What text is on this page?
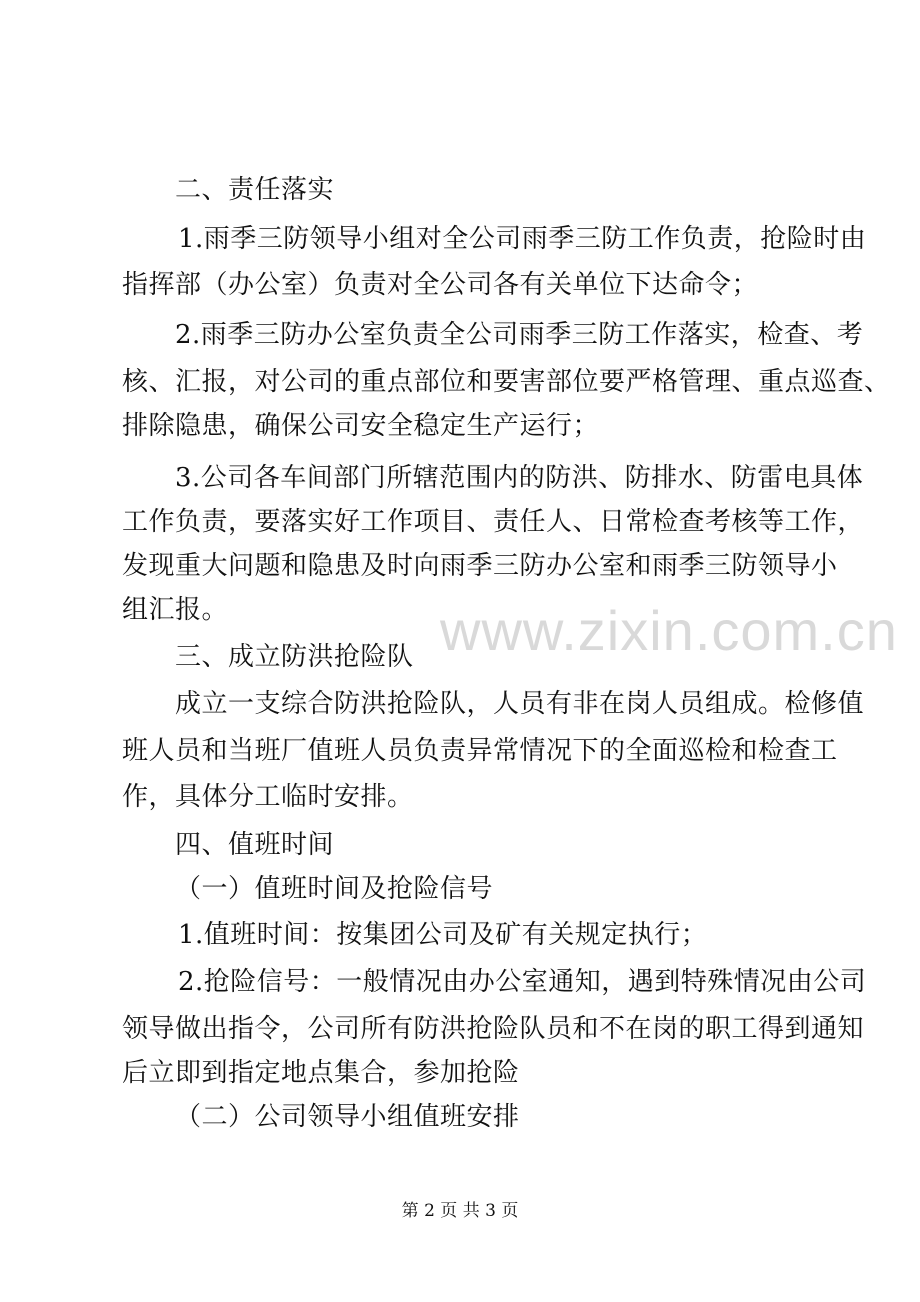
www.zixin.com.cn
二、责任落实
1.雨季三防领导小组对全公司雨季三防工作负责，抢险时由
指挥部（办公室）负责对全公司各有关单位下达命令；
2.雨季三防办公室负责全公司雨季三防工作落实，检查、考
核、汇报，对公司的重点部位和要害部位要严格管理、重点巡查、
排除隐患，确保公司安全稳定生产运行；
3.公司各车间部门所辖范围内的防洪、防排水、防雷电具体
工作负责，要落实好工作项目、责任人、日常检查考核等工作，
发现重大问题和隐患及时向雨季三防办公室和雨季三防领导小
组汇报。
三、成立防洪抢险队
成立一支综合防洪抢险队，人员有非在岗人员组成。检修值
班人员和当班厂值班人员负责异常情况下的全面巡检和检查工
作，具体分工临时安排。
四、值班时间
（一）值班时间及抢险信号
1.值班时间：按集团公司及矿有关规定执行；
2.抢险信号：一般情况由办公室通知，遇到特殊情况由公司
领导做出指令，公司所有防洪抢险队员和不在岗的职工得到通知
后立即到指定地点集合，参加抢险
（二）公司领导小组值班安排
第 2 页 共 3 页
